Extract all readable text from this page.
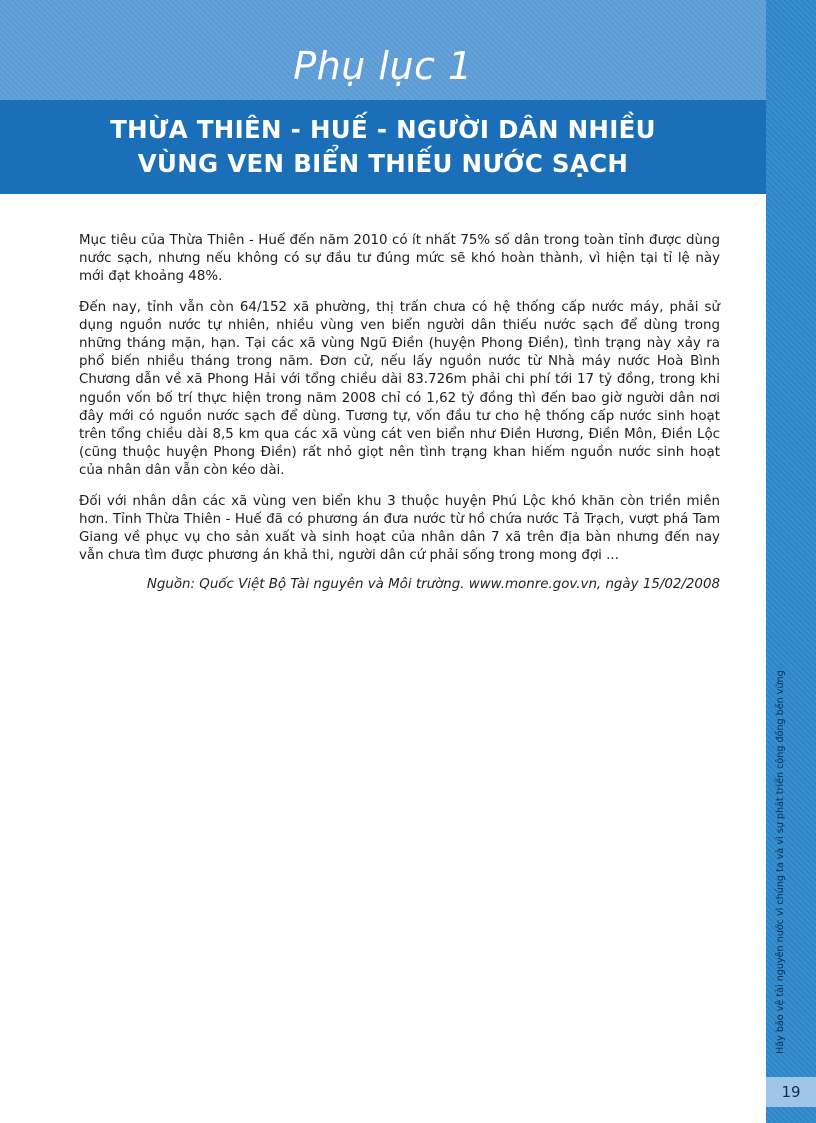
Phụ lục 1
THỪA THIÊN - HUẾ - NGƯỜI DÂN NHIỀU
VÙNG VEN BIỂN THIẾU NƯỚC SẠCH
Hãy bảo vệ tài nguyên nước vì chúng ta và vì sự phát triển cộng đồng bền vững
19

Mục tiêu của Thừa Thiên - Huế đến năm 2010 có ít nhất 75% số dân trong toàn tỉnh được dùng nước sạch, nhưng nếu không có sự đầu tư đúng mức sẽ khó hoàn thành, vì hiện tại tỉ lệ này mới đạt khoảng 48%.

Đến nay, tỉnh vẫn còn 64/152 xã phường, thị trấn chưa có hệ thống cấp nước máy, phải sử dụng nguồn nước tự nhiên, nhiều vùng ven biển người dân thiếu nước sạch để dùng trong những tháng mặn, hạn. Tại các xã vùng Ngũ Điền (huyện Phong Điền), tình trạng này xảy ra phổ biến nhiều tháng trong năm. Đơn cử, nếu lấy nguồn nước từ Nhà máy nước Hoà Bình Chương dẫn về xã Phong Hải với tổng chiều dài 83.726m phải chi phí tới 17 tỷ đồng, trong khi nguồn vốn bố trí thực hiện trong năm 2008 chỉ có 1,62 tỷ đồng thì đến bao giờ người dân nơi đây mới có nguồn nước sạch để dùng. Tương tự, vốn đầu tư cho hệ thống cấp nước sinh hoạt trên tổng chiều dài 8,5 km qua các xã vùng cát ven biển như Điền Hương, Điền Môn, Điền Lộc (cũng thuộc huyện Phong Điền) rất nhỏ giọt nên tình trạng khan hiếm nguồn nước sinh hoạt của nhân dân vẫn còn kéo dài.

Đối với nhân dân các xã vùng ven biển khu 3 thuộc huyện Phú Lộc khó khăn còn triền miên hơn. Tỉnh Thừa Thiên - Huế đã có phương án đưa nước từ hồ chứa nước Tả Trạch, vượt phá Tam Giang về phục vụ cho sản xuất và sinh hoạt của nhân dân 7 xã trên địa bàn nhưng đến nay vẫn chưa tìm được phương án khả thi, người dân cứ phải sống trong mong đợi ...

Nguồn: Quốc Việt Bộ Tài nguyên và Môi trường. www.monre.gov.vn, ngày 15/02/2008
